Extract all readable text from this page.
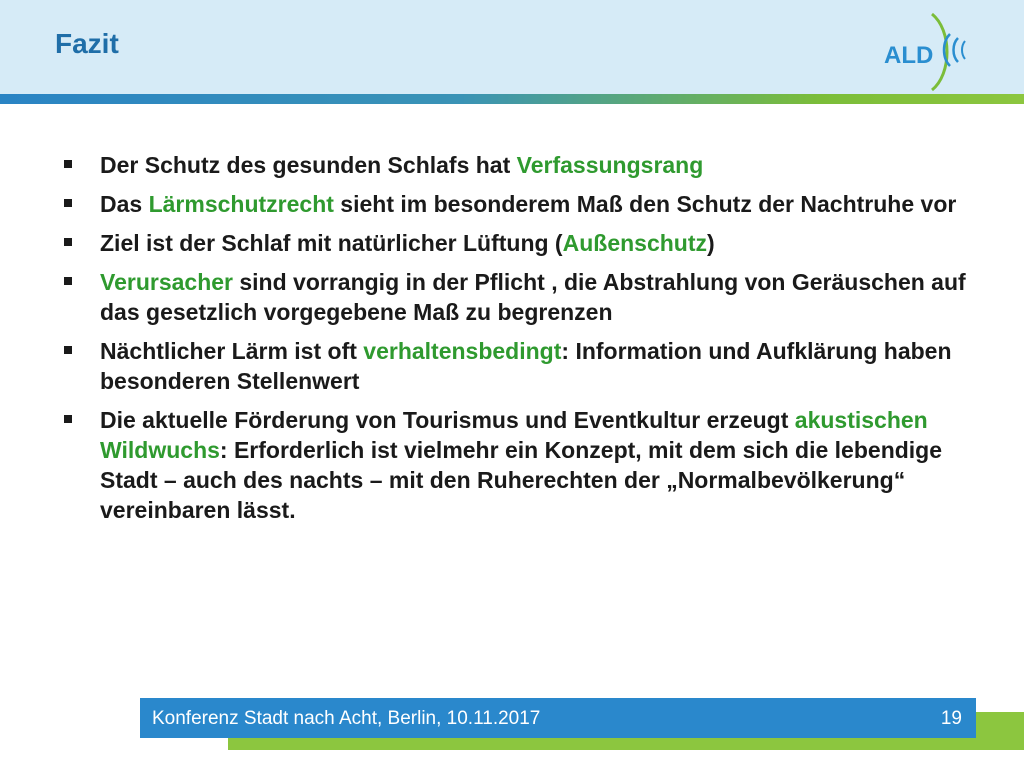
Fazit	ALD
Der Schutz des gesunden Schlafs hat Verfassungsrang
Das Lärmschutzrecht sieht im besonderem Maß den Schutz der Nachtruhe vor
Ziel ist der Schlaf mit natürlicher Lüftung (Außenschutz)
Verursacher sind vorrangig in der Pflicht , die Abstrahlung von Geräuschen auf das gesetzlich vorgegebene Maß zu begrenzen
Nächtlicher Lärm ist oft verhaltensbedingt: Information und Aufklärung haben besonderen Stellenwert
Die aktuelle Förderung von Tourismus und Eventkultur erzeugt akustischen Wildwuchs: Erforderlich ist vielmehr ein Konzept, mit dem sich die lebendige Stadt – auch des nachts – mit den Ruherechten der „Normalbevölkerung“ vereinbaren lässt.
Konferenz Stadt nach Acht, Berlin, 10.11.2017	19
